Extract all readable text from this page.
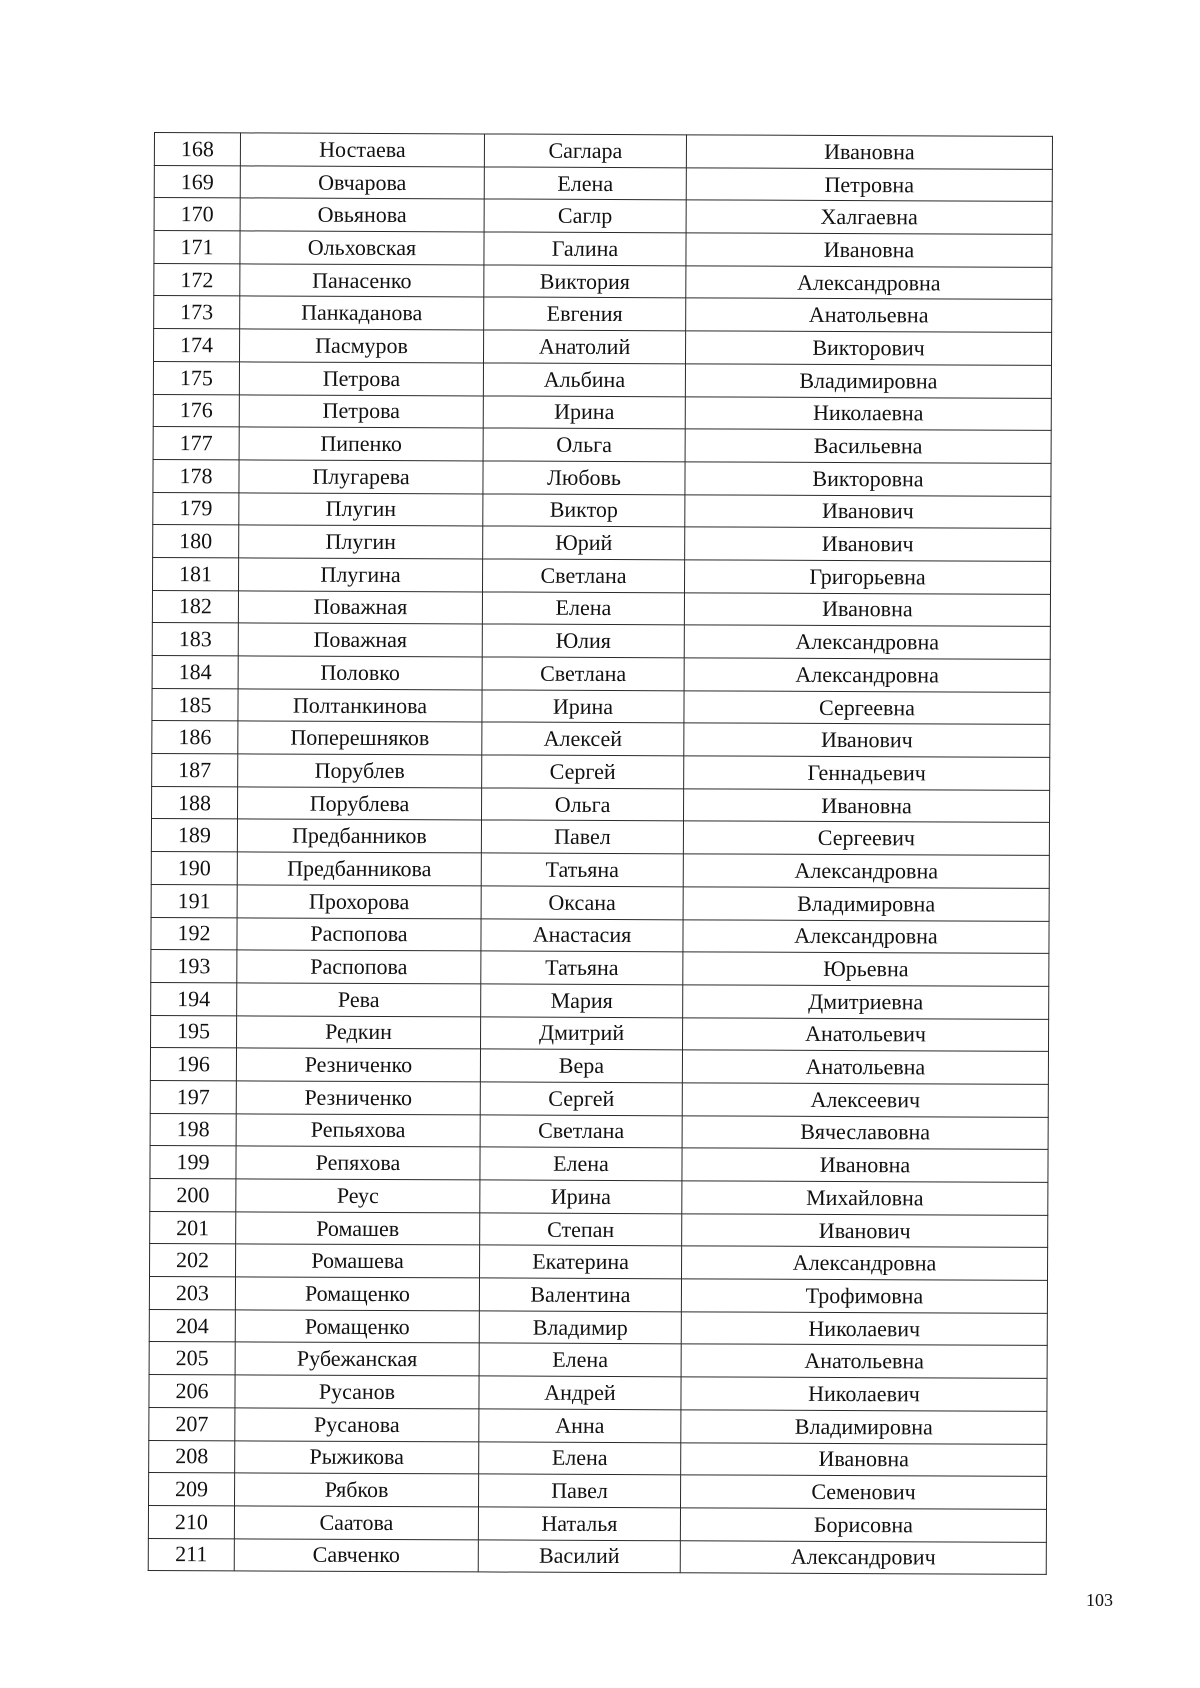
168	Ностаева	Саглара	Ивановна
169	Овчарова	Елена	Петровна
170	Овьянова	Саглр	Халгаевна
171	Ольховская	Галина	Ивановна
172	Панасенко	Виктория	Александровна
173	Панкаданова	Евгения	Анатольевна
174	Пасмуров	Анатолий	Викторович
175	Петрова	Альбина	Владимировна
176	Петрова	Ирина	Николаевна
177	Пипенко	Ольга	Васильевна
178	Плугарева	Любовь	Викторовна
179	Плугин	Виктор	Иванович
180	Плугин	Юрий	Иванович
181	Плугина	Светлана	Григорьевна
182	Поважная	Елена	Ивановна
183	Поважная	Юлия	Александровна
184	Половко	Светлана	Александровна
185	Полтанкинова	Ирина	Сергеевна
186	Поперешняков	Алексей	Иванович
187	Порублев	Сергей	Геннадьевич
188	Порублева	Ольга	Ивановна
189	Предбанников	Павел	Сергеевич
190	Предбанникова	Татьяна	Александровна
191	Прохорова	Оксана	Владимировна
192	Распопова	Анастасия	Александровна
193	Распопова	Татьяна	Юрьевна
194	Рева	Мария	Дмитриевна
195	Редкин	Дмитрий	Анатольевич
196	Резниченко	Вера	Анатольевна
197	Резниченко	Сергей	Алексеевич
198	Репьяхова	Светлана	Вячеславовна
199	Репяхова	Елена	Ивановна
200	Реус	Ирина	Михайловна
201	Ромашев	Степан	Иванович
202	Ромашева	Екатерина	Александровна
203	Ромащенко	Валентина	Трофимовна
204	Ромащенко	Владимир	Николаевич
205	Рубежанская	Елена	Анатольевна
206	Русанов	Андрей	Николаевич
207	Русанова	Анна	Владимировна
208	Рыжикова	Елена	Ивановна
209	Рябков	Павел	Семенович
210	Саатова	Наталья	Борисовна
211	Савченко	Василий	Александрович
103
